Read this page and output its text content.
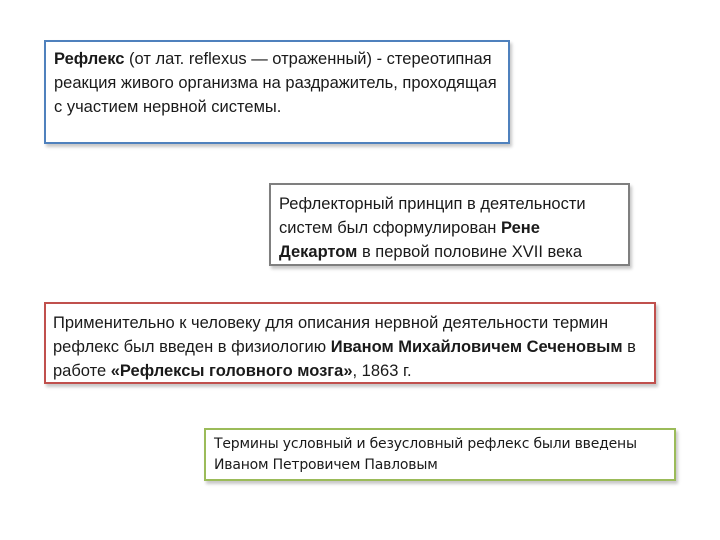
Рефлекс (от лат. reflexus — отраженный) - стереотипная реакция живого организма на раздражитель, проходящая с участием нервной системы.

Рефлекторный принцип в деятельности систем был сформулирован Рене Декартом в первой половине XVII века

Применительно к человеку для описания нервной деятельности термин рефлекс был введен в физиологию Иваном Михайловичем Сеченовым в работе «Рефлексы головного мозга», 1863 г.

Термины условный и безусловный рефлекс были введены

Иваном Петровичем Павловым
